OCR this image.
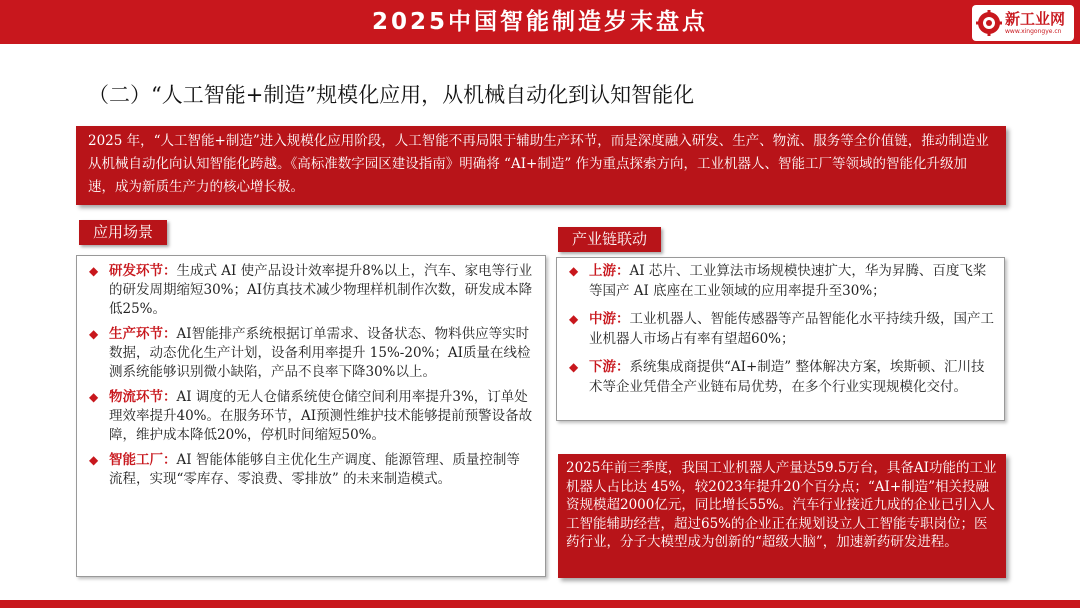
2025中国智能制造岁末盘点	新工业网
www.xingongye.cn
（二）“人工智能+制造”规模化应用，从机械自动化到认知智能化
2025 年，“人工智能+制造”进入规模化应用阶段，人工智能不再局限于辅助生产环节，而是深度融入研发、生产、物流、服务等全价值链，推动制造业从机械自动化向认知智能化跨越。《高标准数字园区建设指南》明确将 “AI+制造” 作为重点探索方向，工业机器人、智能工厂等领域的智能化升级加速，成为新质生产力的核心增长极。
应用场景
◆ 研发环节：生成式 AI 使产品设计效率提升8%以上，汽车、家电等行业的研发周期缩短30%；AI仿真技术减少物理样机制作次数，研发成本降低25%。
◆ 生产环节：AI智能排产系统根据订单需求、设备状态、物料供应等实时数据，动态优化生产计划，设备利用率提升 15%-20%；AI质量在线检测系统能够识别微小缺陷，产品不良率下降30%以上。
◆ 物流环节：AI 调度的无人仓储系统使仓储空间利用率提升3%，订单处理效率提升40%。在服务环节，AI预测性维护技术能够提前预警设备故障，维护成本降低20%，停机时间缩短50%。
◆ 智能工厂：AI 智能体能够自主优化生产调度、能源管理、质量控制等流程，实现“零库存、零浪费、零排放” 的未来制造模式。
产业链联动
◆ 上游：AI 芯片、工业算法市场规模快速扩大，华为昇腾、百度飞桨等国产 AI 底座在工业领域的应用率提升至30%；
◆ 中游：工业机器人、智能传感器等产品智能化水平持续升级，国产工业机器人市场占有率有望超60%；
◆ 下游：系统集成商提供“AI+制造” 整体解决方案，埃斯顿、汇川技术等企业凭借全产业链布局优势，在多个行业实现规模化交付。
2025年前三季度，我国工业机器人产量达59.5万台，具备AI功能的工业机器人占比达 45%，较2023年提升20个百分点；“AI+制造”相关投融资规模超2000亿元，同比增长55%。汽车行业接近九成的企业已引入人工智能辅助经营，超过65%的企业正在规划设立人工智能专职岗位；医药行业，分子大模型成为创新的“超级大脑”，加速新药研发进程。
